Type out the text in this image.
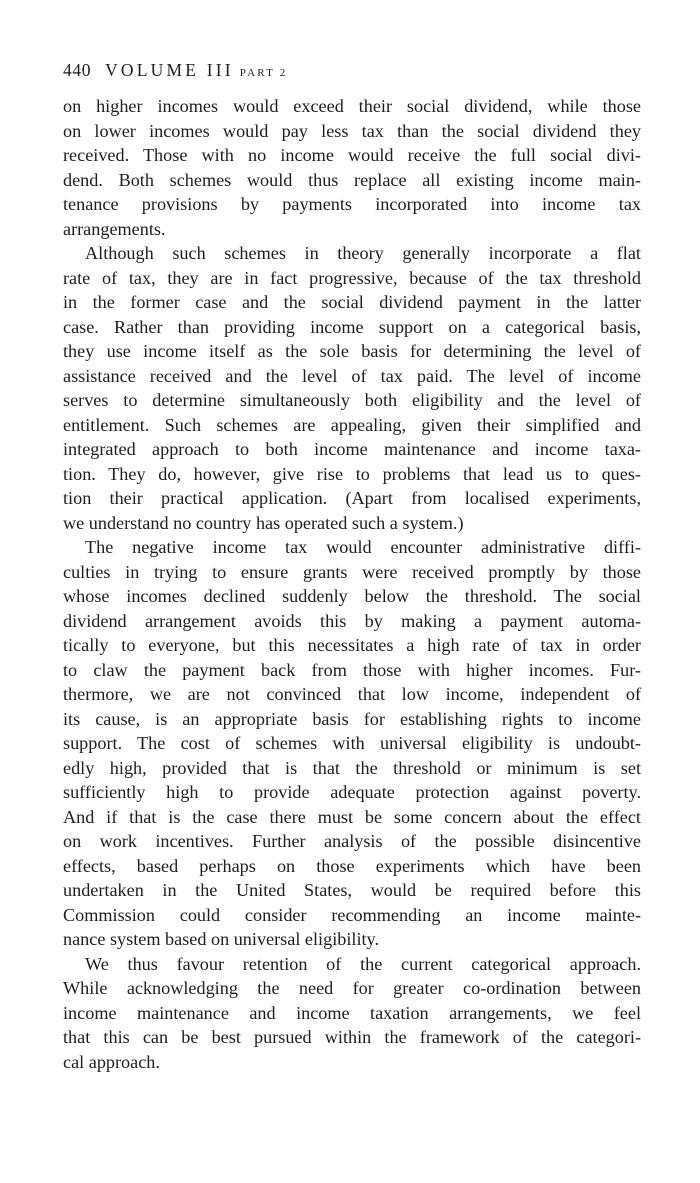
440 VOLUME III PART 2
on higher incomes would exceed their social dividend, while those
on lower incomes would pay less tax than the social dividend they
received. Those with no income would receive the full social divi-
dend. Both schemes would thus replace all existing income main-
tenance provisions by payments incorporated into income tax
arrangements.
Although such schemes in theory generally incorporate a flat
rate of tax, they are in fact progressive, because of the tax threshold
in the former case and the social dividend payment in the latter
case. Rather than providing income support on a categorical basis,
they use income itself as the sole basis for determining the level of
assistance received and the level of tax paid. The level of income
serves to determine simultaneously both eligibility and the level of
entitlement. Such schemes are appealing, given their simplified and
integrated approach to both income maintenance and income taxa-
tion. They do, however, give rise to problems that lead us to ques-
tion their practical application. (Apart from localised experiments,
we understand no country has operated such a system.)
The negative income tax would encounter administrative diffi-
culties in trying to ensure grants were received promptly by those
whose incomes declined suddenly below the threshold. The social
dividend arrangement avoids this by making a payment automa-
tically to everyone, but this necessitates a high rate of tax in order
to claw the payment back from those with higher incomes. Fur-
thermore, we are not convinced that low income, independent of
its cause, is an appropriate basis for establishing rights to income
support. The cost of schemes with universal eligibility is undoubt-
edly high, provided that is that the threshold or minimum is set
sufficiently high to provide adequate protection against poverty.
And if that is the case there must be some concern about the effect
on work incentives. Further analysis of the possible disincentive
effects, based perhaps on those experiments which have been
undertaken in the United States, would be required before this
Commission could consider recommending an income mainte-
nance system based on universal eligibility.
We thus favour retention of the current categorical approach.
While acknowledging the need for greater co-ordination between
income maintenance and income taxation arrangements, we feel
that this can be best pursued within the framework of the categori-
cal approach.
